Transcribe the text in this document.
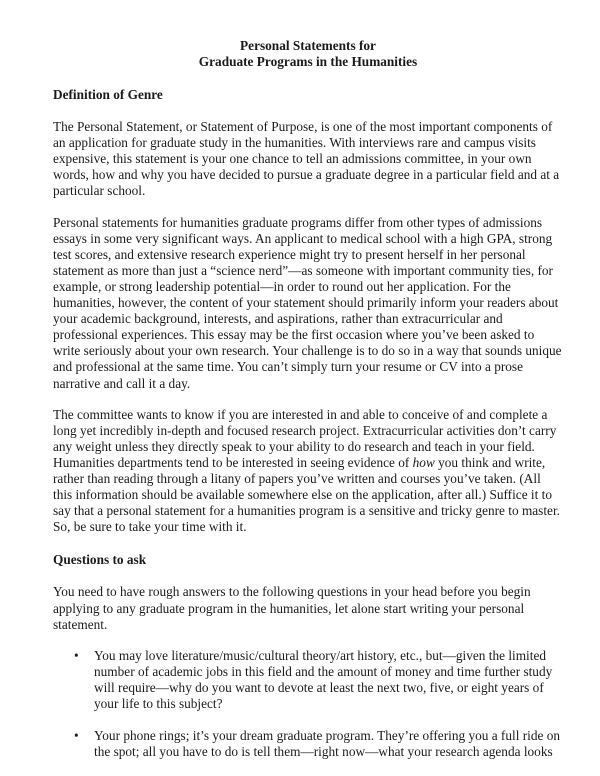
Personal Statements for
Graduate Programs in the Humanities
Definition of Genre

The Personal Statement, or Statement of Purpose, is one of the most important components of an application for graduate study in the humanities. With interviews rare and campus visits expensive, this statement is your one chance to tell an admissions committee, in your own words, how and why you have decided to pursue a graduate degree in a particular field and at a particular school.

Personal statements for humanities graduate programs differ from other types of admissions essays in some very significant ways. An applicant to medical school with a high GPA, strong test scores, and extensive research experience might try to present herself in her personal statement as more than just a “science nerd”—as someone with important community ties, for example, or strong leadership potential—in order to round out her application. For the humanities, however, the content of your statement should primarily inform your readers about your academic background, interests, and aspirations, rather than extracurricular and professional experiences. This essay may be the first occasion where you’ve been asked to write seriously about your own research. Your challenge is to do so in a way that sounds unique and professional at the same time. You can’t simply turn your resume or CV into a prose narrative and call it a day.

The committee wants to know if you are interested in and able to conceive of and complete a long yet incredibly in-depth and focused research project. Extracurricular activities don’t carry any weight unless they directly speak to your ability to do research and teach in your field. Humanities departments tend to be interested in seeing evidence of how you think and write, rather than reading through a litany of papers you’ve written and courses you’ve taken. (All this information should be available somewhere else on the application, after all.) Suffice it to say that a personal statement for a humanities program is a sensitive and tricky genre to master. So, be sure to take your time with it.

Questions to ask

You need to have rough answers to the following questions in your head before you begin applying to any graduate program in the humanities, let alone start writing your personal statement.

• You may love literature/music/cultural theory/art history, etc., but—given the limited number of academic jobs in this field and the amount of money and time further study will require—why do you want to devote at least the next two, five, or eight years of your life to this subject?
• Your phone rings; it’s your dream graduate program. They’re offering you a full ride on the spot; all you have to do is tell them—right now—what your research agenda looks
